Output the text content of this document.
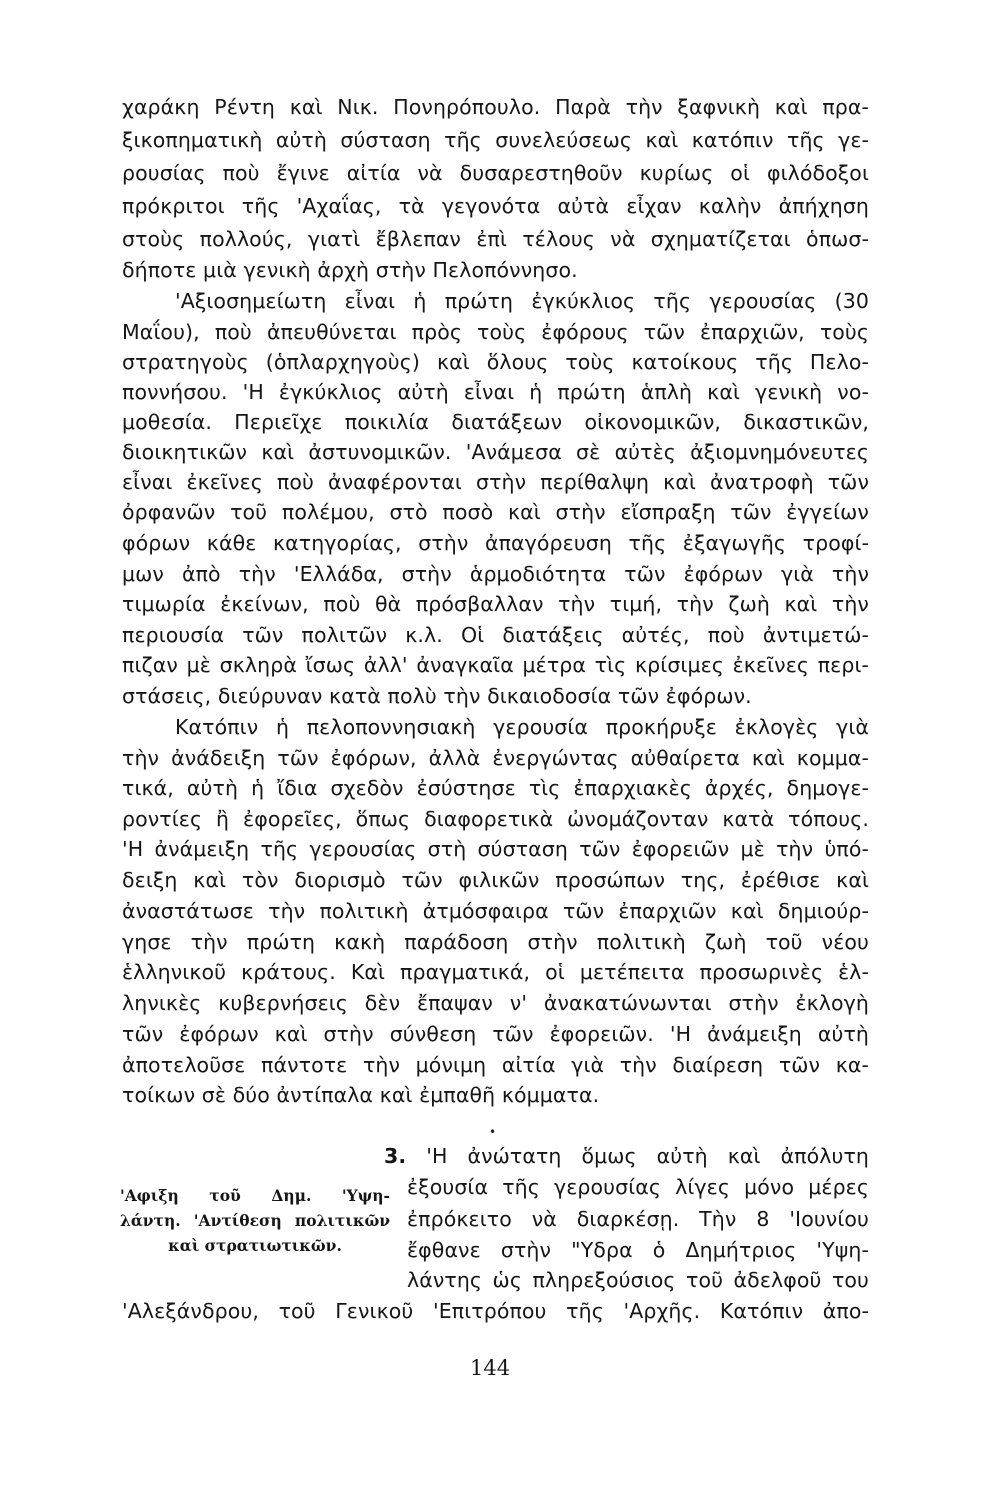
χαράκη Ρέντη καὶ Νικ. Πονηρόπουλο. Παρὰ τὴν ξαφνικὴ καὶ πρα-

ξικοπηματικὴ αὐτὴ σύσταση τῆς συνελεύσεως καὶ κατόπιν τῆς γε-

ρουσίας ποὺ ἔγινε αἰτία νὰ δυσαρεστηθοῦν κυρίως οἱ φιλόδοξοι

πρόκριτοι τῆς 'Αχαΐας, τὰ γεγονότα αὐτὰ εἶχαν καλὴν ἀπήχηση

στοὺς πολλούς, γιατὶ ἔβλεπαν ἐπὶ τέλους νὰ σχηματίζεται ὁπωσ-

δήποτε μιὰ γενικὴ ἀρχὴ στὴν Πελοπόννησο.

'Αξιοσημείωτη εἶναι ἡ πρώτη ἐγκύκλιος τῆς γερουσίας (30

Μαΐου), ποὺ ἀπευθύνεται πρὸς τοὺς ἐφόρους τῶν ἐπαρχιῶν, τοὺς

στρατηγοὺς (ὁπλαρχηγοὺς) καὶ ὅλους τοὺς κατοίκους τῆς Πελο-

ποννήσου. 'Η ἐγκύκλιος αὐτὴ εἶναι ἡ πρώτη ἁπλὴ καὶ γενικὴ νο-

μοθεσία. Περιεῖχε ποικιλία διατάξεων οἰκονομικῶν, δικαστικῶν,

διοικητικῶν καὶ ἀστυνομικῶν. 'Ανάμεσα σὲ αὐτὲς ἀξιομνημόνευτες

εἶναι ἐκεῖνες ποὺ ἀναφέρονται στὴν περίθαλψη καὶ ἀνατροφὴ τῶν

ὀρφανῶν τοῦ πολέμου, στὸ ποσὸ καὶ στὴν εἴσπραξη τῶν ἐγγείων

φόρων κάθε κατηγορίας, στὴν ἀπαγόρευση τῆς ἐξαγωγῆς τροφί-

μων ἀπὸ τὴν 'Ελλάδα, στὴν ἁρμοδιότητα τῶν ἐφόρων γιὰ τὴν

τιμωρία ἐκείνων, ποὺ θὰ πρόσβαλλαν τὴν τιμή, τὴν ζωὴ καὶ τὴν

περιουσία τῶν πολιτῶν κ.λ. Οἱ διατάξεις αὐτές, ποὺ ἀντιμετώ-

πιζαν μὲ σκληρὰ ἴσως ἀλλ' ἀναγκαῖα μέτρα τὶς κρίσιμες ἐκεῖνες περι-

στάσεις, διεύρυναν κατὰ πολὺ τὴν δικαιοδοσία τῶν ἐφόρων.

Κατόπιν ἡ πελοποννησιακὴ γερουσία προκήρυξε ἐκλογὲς γιὰ

τὴν ἀνάδειξη τῶν ἐφόρων, ἀλλὰ ἐνεργώντας αὐθαίρετα καὶ κομμα-

τικά, αὐτὴ ἡ ἴδια σχεδὸν ἐσύστησε τὶς ἐπαρχιακὲς ἀρχές, δημογε-

ροντίες ἢ ἐφορεῖες, ὅπως διαφορετικὰ ὠνομάζονταν κατὰ τόπους.

'Η ἀνάμειξη τῆς γερουσίας στὴ σύσταση τῶν ἐφορειῶν μὲ τὴν ὑπό-

δειξη καὶ τὸν διορισμὸ τῶν φιλικῶν προσώπων της, ἐρέθισε καὶ

ἀναστάτωσε τὴν πολιτικὴ ἀτμόσφαιρα τῶν ἐπαρχιῶν καὶ δημιούρ-

γησε τὴν πρώτη κακὴ παράδοση στὴν πολιτικὴ ζωὴ τοῦ νέου

ἑλληνικοῦ κράτους. Καὶ πραγματικά, οἱ μετέπειτα προσωρινὲς ἑλ-

ληνικὲς κυβερνήσεις δὲν ἔπαψαν ν' ἀνακατώνωνται στὴν ἐκλογὴ

τῶν ἐφόρων καὶ στὴν σύνθεση τῶν ἐφορειῶν. 'Η ἀνάμειξη αὐτὴ

ἀποτελοῦσε πάντοτε τὴν μόνιμη αἰτία γιὰ τὴν διαίρεση τῶν κα-

τοίκων σὲ δύο ἀντίπαλα καὶ ἐμπαθῆ κόμματα.

•

3. 'Η ἀνώτατη ὅμως αὐτὴ καὶ ἀπόλυτη

ἐξουσία τῆς γερουσίας λίγες μόνο μέρες

ἐπρόκειτο νὰ διαρκέσῃ. Τὴν 8 'Ιουνίου

ἔφθανε στὴν "Υδρα ὁ Δημήτριος 'Υψη-

λάντης ὡς πληρεξούσιος τοῦ ἀδελφοῦ του

'Αλεξάνδρου, τοῦ Γενικοῦ 'Επιτρόπου τῆς 'Αρχῆς. Κατόπιν ἀπο-

'Αφιξη τοῦ Δημ. 'Υψη-
λάντη. 'Αντίθεση πολιτικῶν
καὶ στρατιωτικῶν.

144
